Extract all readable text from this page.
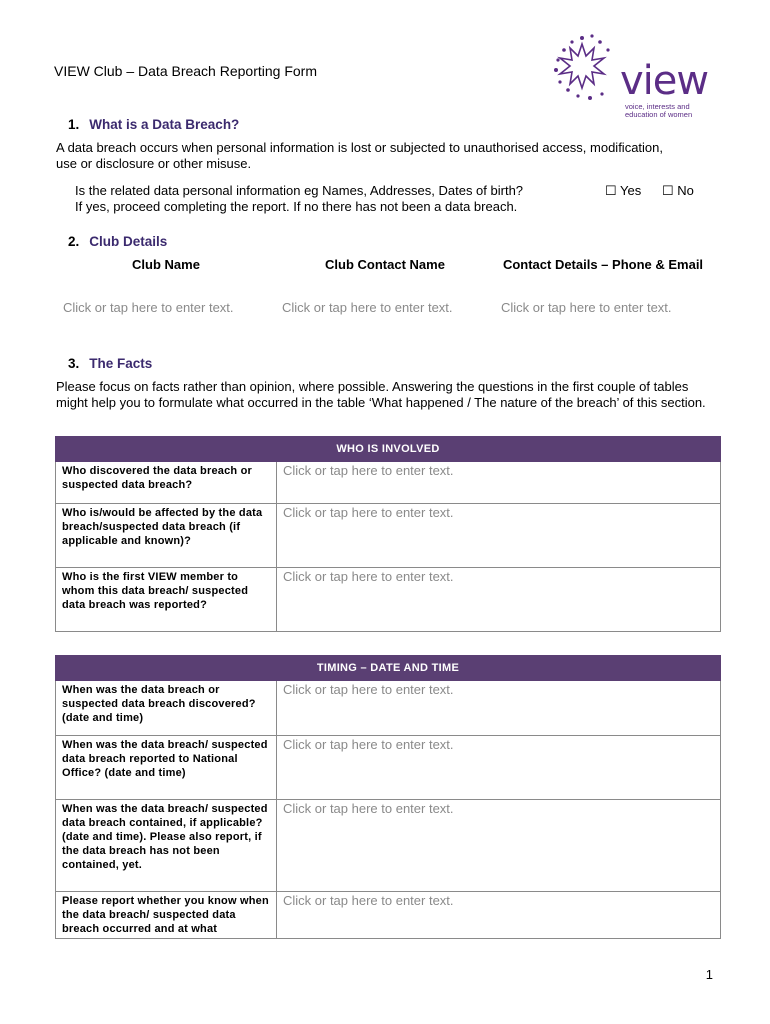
VIEW Club – Data Breach Reporting Form	view
voice, interests and education of women
1. What is a Data Breach?
A data breach occurs when personal information is lost or subjected to unauthorised access, modification, use or disclosure or other misuse.
Is the related data personal information eg Names, Addresses, Dates of birth?
If yes, proceed completing the report. If no there has not been a data breach.
☐ Yes ☐ No
2. Club Details
Club Name	Club Contact Name	Contact Details – Phone & Email
Click or tap here to enter text.	Click or tap here to enter text.	Click or tap here to enter text.
3. The Facts
Please focus on facts rather than opinion, where possible. Answering the questions in the first couple of tables might help you to formulate what occurred in the table ‘What happened / The nature of the breach’ of this section.
WHO IS INVOLVED	
Who discovered the data breach or suspected data breach?	Click or tap here to enter text.
Who is/would be affected by the data breach/suspected data breach (if applicable and known)?	Click or tap here to enter text.
Who is the first VIEW member to whom this data breach/ suspected data breach was reported?	Click or tap here to enter text.
TIMING – DATE AND TIME	
When was the data breach or suspected data breach discovered? (date and time)	Click or tap here to enter text.
When was the data breach/ suspected data breach reported to National Office? (date and time)	Click or tap here to enter text.
When was the data breach/ suspected data breach contained, if applicable? (date and time). Please also report, if the data breach has not been contained, yet.	Click or tap here to enter text.
Please report whether you know when the data breach/ suspected data breach occurred and at what	Click or tap here to enter text.
1
